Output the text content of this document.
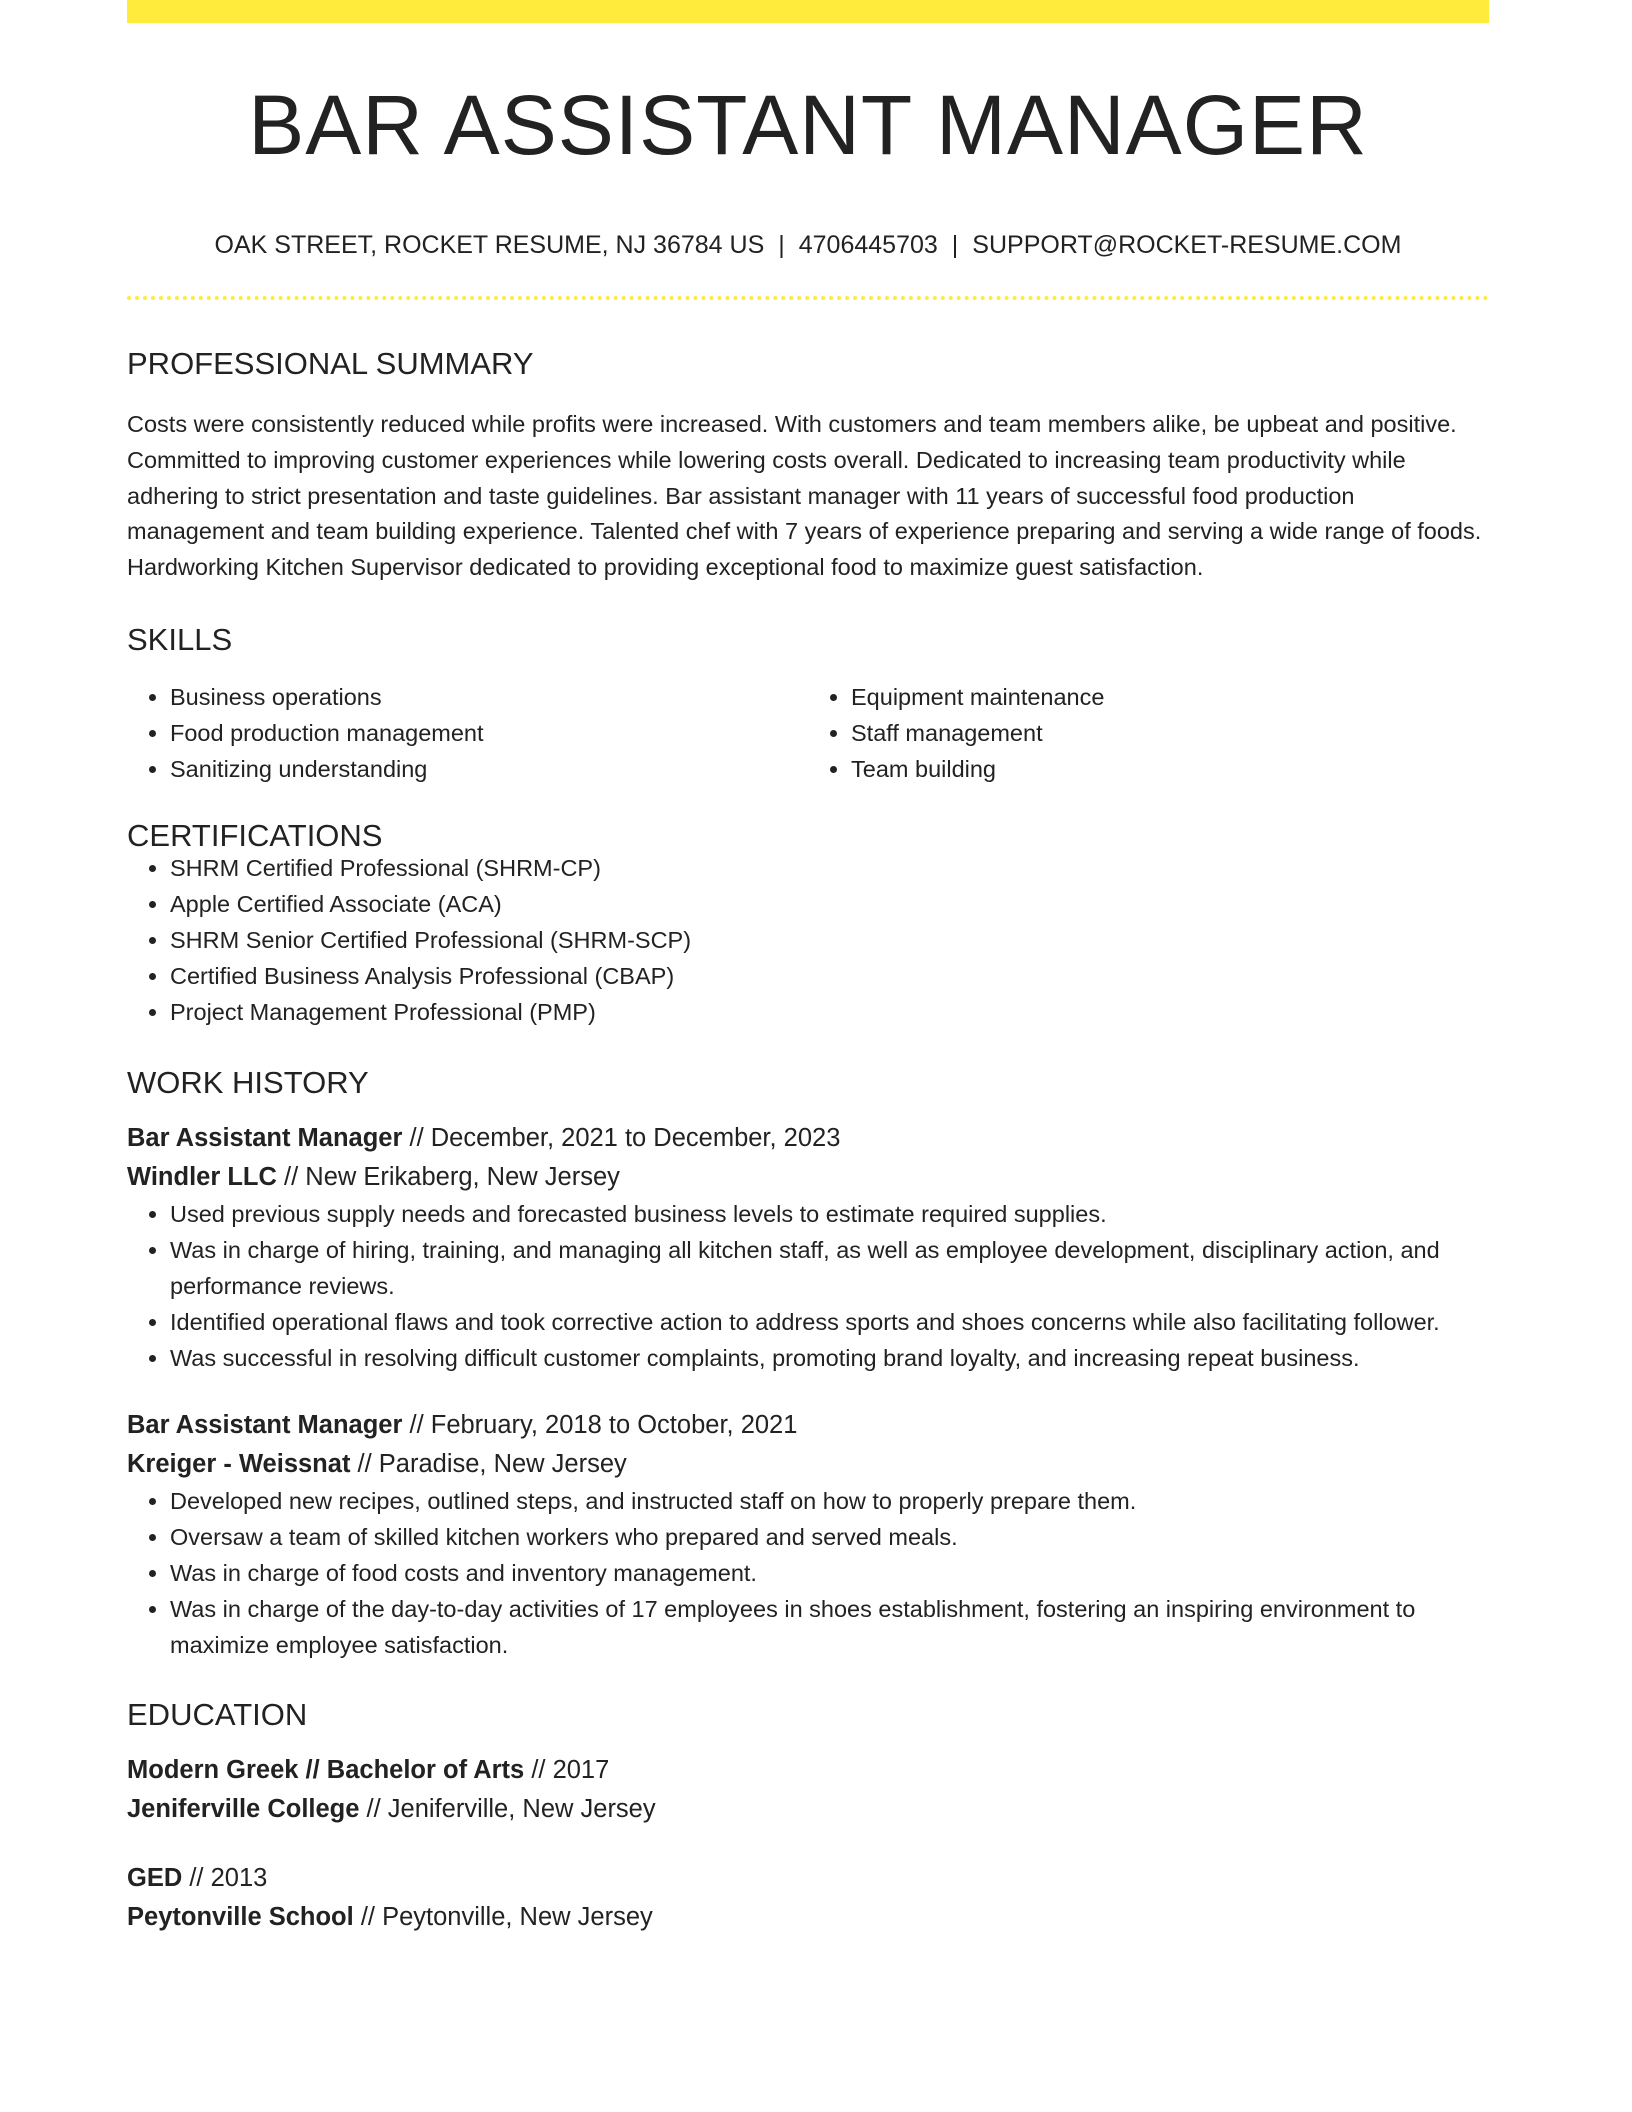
BAR ASSISTANT MANAGER
OAK STREET, ROCKET RESUME, NJ 36784 US | 4706445703 | SUPPORT@ROCKET-RESUME.COM
PROFESSIONAL SUMMARY

Costs were consistently reduced while profits were increased. With customers and team members alike, be upbeat and positive. Committed to improving customer experiences while lowering costs overall. Dedicated to increasing team productivity while adhering to strict presentation and taste guidelines. Bar assistant manager with 11 years of successful food production management and team building experience. Talented chef with 7 years of experience preparing and serving a wide range of foods. Hardworking Kitchen Supervisor dedicated to providing exceptional food to maximize guest satisfaction.

SKILLS
• Business operations
• Food production management
• Sanitizing understanding
• Equipment maintenance
• Staff management
• Team building
CERTIFICATIONS
• SHRM Certified Professional (SHRM-CP)
• Apple Certified Associate (ACA)
• SHRM Senior Certified Professional (SHRM-SCP)
• Certified Business Analysis Professional (CBAP)
• Project Management Professional (PMP)
WORK HISTORY
Bar Assistant Manager // December, 2021 to December, 2023
Windler LLC // New Erikaberg, New Jersey
• Used previous supply needs and forecasted business levels to estimate required supplies.
• Was in charge of hiring, training, and managing all kitchen staff, as well as employee development, disciplinary action, and performance reviews.
• Identified operational flaws and took corrective action to address sports and shoes concerns while also facilitating follower.
• Was successful in resolving difficult customer complaints, promoting brand loyalty, and increasing repeat business.
Bar Assistant Manager // February, 2018 to October, 2021
Kreiger - Weissnat // Paradise, New Jersey
• Developed new recipes, outlined steps, and instructed staff on how to properly prepare them.
• Oversaw a team of skilled kitchen workers who prepared and served meals.
• Was in charge of food costs and inventory management.
• Was in charge of the day-to-day activities of 17 employees in shoes establishment, fostering an inspiring environment to maximize employee satisfaction.
EDUCATION
Modern Greek // Bachelor of Arts // 2017
Jeniferville College // Jeniferville, New Jersey
GED // 2013
Peytonville School // Peytonville, New Jersey
